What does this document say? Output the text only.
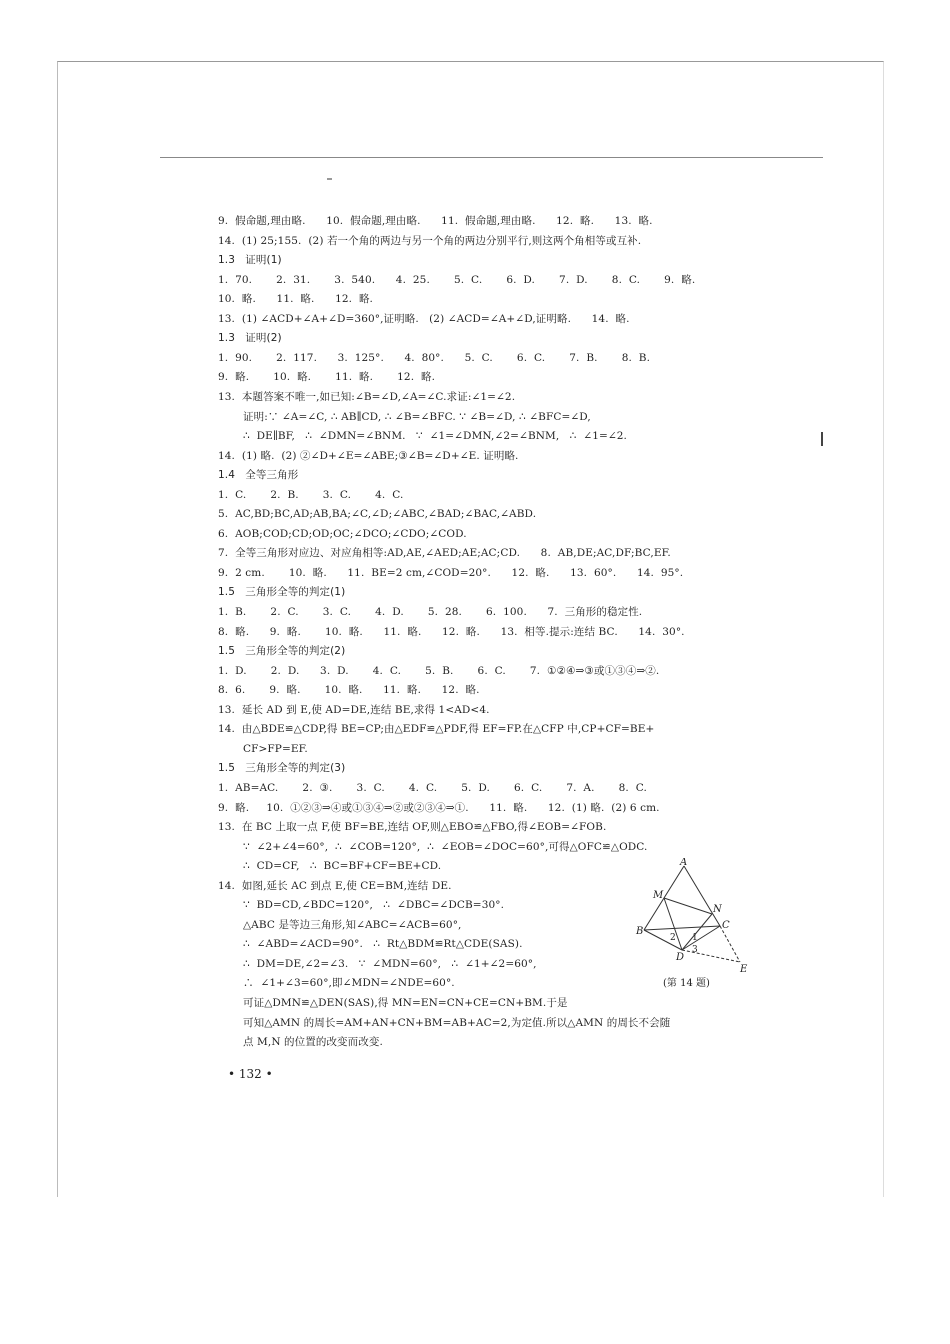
9.  假命题,理由略.      10.  假命题,理由略.      11.  假命题,理由略.      12.  略.      13.  略.
14.  (1) 25;155.  (2) 若一个角的两边与另一个角的两边分别平行,则这两个角相等或互补.
1.3   证明(1)
1.  70.       2.  31.       3.  540.      4.  25.       5.  C.       6.  D.       7.  D.       8.  C.       9.  略.
10.  略.      11.  略.      12.  略.
13.  (1) ∠ACD+∠A+∠D=360°,证明略.   (2) ∠ACD=∠A+∠D,证明略.      14.  略.
1.3   证明(2)
1.  90.       2.  117.      3.  125°.      4.  80°.      5.  C.       6.  C.       7.  B.       8.  B.
9.  略.       10.  略.       11.  略.       12.  略.
13.  本题答案不唯一,如已知:∠B=∠D,∠A=∠C.求证:∠1=∠2.
证明:∵ ∠A=∠C, ∴ AB∥CD, ∴ ∠B=∠BFC. ∵ ∠B=∠D, ∴ ∠BFC=∠D,
∴  DE∥BF,   ∴  ∠DMN=∠BNM.   ∵  ∠1=∠DMN,∠2=∠BNM,   ∴  ∠1=∠2.
14.  (1) 略.  (2) ②∠D+∠E=∠ABE;③∠B=∠D+∠E. 证明略.
1.4   全等三角形
1.  C.       2.  B.       3.  C.       4.  C.
5.  AC,BD;BC,AD;AB,BA;∠C,∠D;∠ABC,∠BAD;∠BAC,∠ABD.
6.  AOB;COD;CD;OD;OC;∠DCO;∠CDO;∠COD.
7.  全等三角形对应边、对应角相等:AD,AE,∠AED;AE;AC;CD.      8.  AB,DE;AC,DF;BC,EF.
9.  2 cm.       10.  略.      11.  BE=2 cm,∠COD=20°.      12.  略.      13.  60°.      14.  95°.
1.5   三角形全等的判定(1)
1.  B.       2.  C.       3.  C.       4.  D.       5.  28.       6.  100.      7.  三角形的稳定性.
8.  略.      9.  略.       10.  略.      11.  略.      12.  略.      13.  相等.提示:连结 BC.      14.  30°.
1.5   三角形全等的判定(2)
1.  D.       2.  D.      3.  D.       4.  C.       5.  B.       6.  C.       7.  ①②④⇒③或①③④⇒②.
8.  6.       9.  略.       10.  略.      11.  略.      12.  略.
13.  延长 AD 到 E,使 AD=DE,连结 BE,求得 1<AD<4.
14.  由△BDE≌△CDP,得 BE=CP;由△EDF≌△PDF,得 EF=FP.在△CFP 中,CP+CF=BE+
CF>FP=EF.
1.5   三角形全等的判定(3)
1.  AB=AC.       2.  ③.       3.  C.       4.  C.       5.  D.       6.  C.       7.  A.       8.  C.
9.  略.     10.  ①②③⇒④或①③④⇒②或②③④⇒①.      11.  略.      12.  (1) 略.  (2) 6 cm.
13.  在 BC 上取一点 F,使 BF=BE,连结 OF,则△EBO≌△FBO,得∠EOB=∠FOB.
∵  ∠2+∠4=60°,  ∴  ∠COB=120°,  ∴  ∠EOB=∠DOC=60°,可得△OFC≌△ODC.
∴  CD=CF,   ∴  BC=BF+CF=BE+CD.
14.  如图,延长 AC 到点 E,使 CE=BM,连结 DE.
∵  BD=CD,∠BDC=120°,   ∴  ∠DBC=∠DCB=30°.
△ABC 是等边三角形,知∠ABC=∠ACB=60°,
∴  ∠ABD=∠ACD=90°.   ∴  Rt△BDM≌Rt△CDE(SAS).
∴  DM=DE,∠2=∠3.   ∵  ∠MDN=60°,   ∴  ∠1+∠2=60°,
∴  ∠1+∠3=60°,即∠MDN=∠NDE=60°.
可证△DMN≌△DEN(SAS),得 MN=EN=CN+CE=CN+BM.于是
可知△AMN 的周长=AM+AN+CN+BM=AB+AC=2,为定值.所以△AMN 的周长不会随
点 M,N 的位置的改变而改变.
A
M
N
B
C
D
E
1
2
3
(第 14 题)
• 132 •
